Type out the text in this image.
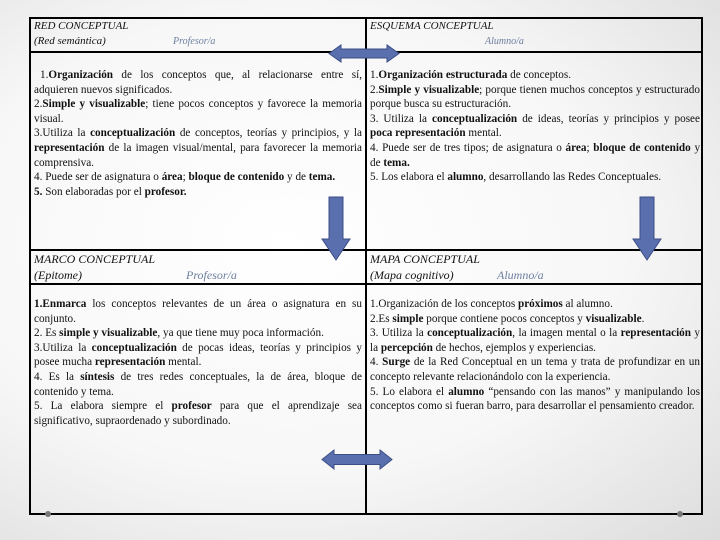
RED CONCEPTUAL
(Red semántica)	Profesor/a
ESQUEMA CONCEPTUAL
Alumno/a
MARCO CONCEPTUAL
(Epitome)	Profesor/a
MAPA CONCEPTUAL
(Mapa cognitivo)	Alumno/a

1.Organización de los conceptos que, al relacionarse entre sí, adquieren nuevos significados.

2.Simple y visualizable; tiene pocos conceptos y favorece la memoria visual.

3.Utiliza la conceptualización de conceptos, teorías y principios, y la representación de la imagen visual/mental, para favorecer la memoria comprensiva.

4. Puede ser de asignatura o área; bloque de contenido y de tema.

5. Son elaboradas por el profesor.

1.Organización estructurada de conceptos.

2.Simple y visualizable; porque tienen muchos conceptos y estructurado porque busca su estructuración.

3. Utiliza la conceptualización de ideas, teorías y principios y posee poca representación mental.

4. Puede ser de tres tipos; de asignatura o área; bloque de contenido y de tema.

5. Los elabora el alumno, desarrollando las Redes Conceptuales.

1.Enmarca los conceptos relevantes de un área o asignatura en su conjunto.

2. Es simple y visualizable, ya que tiene muy poca información.

3.Utiliza la conceptualización de pocas ideas, teorías y principios y posee mucha representación mental.

4. Es la síntesis de tres redes conceptuales, la de área, bloque de contenido y tema.

5. La elabora siempre el profesor para que el aprendizaje sea significativo, supraordenado y subordinado.

1.Organización de los conceptos próximos al alumno.

2.Es simple porque contiene pocos conceptos y visualizable.

3. Utiliza la conceptualización, la imagen mental o la representación y la percepción de hechos, ejemplos y experiencias.

4. Surge de la Red Conceptual en un tema y trata de profundizar en un concepto relevante relacionándolo con la experiencia.

5. Lo elabora el alumno “pensando con las manos” y manipulando los conceptos como si fueran barro, para desarrollar el pensamiento creador.
